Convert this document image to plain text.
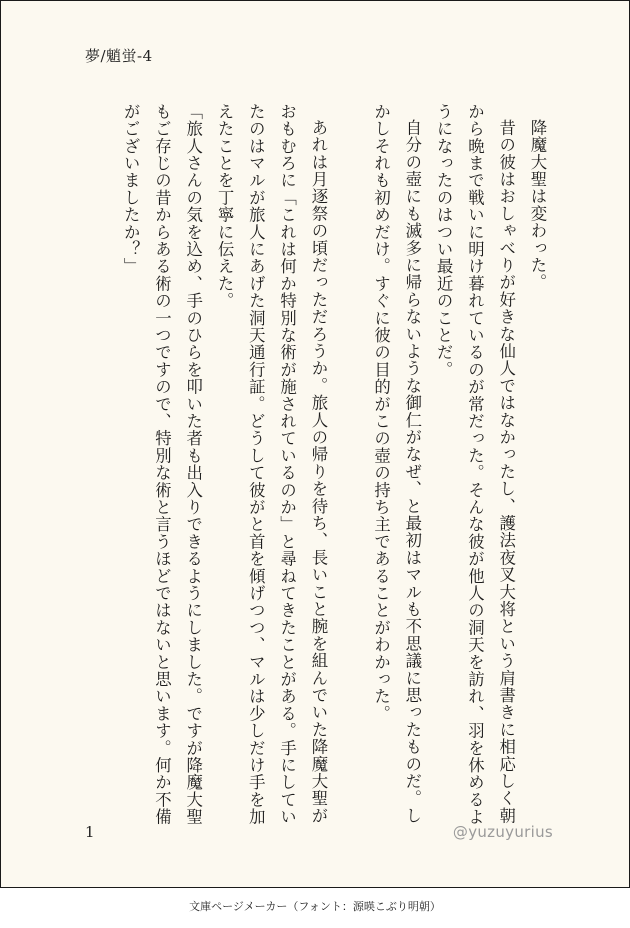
夢/魈蛍-4

降魔大聖は変わった。

昔の彼はおしゃべりが好きな仙人ではなかったし、護法夜叉大将という肩書きに相応しく朝から晩まで戦いに明け暮れているのが常だった。そんな彼が他人の洞天を訪れ、羽を休めるようになったのはつい最近のことだ。

自分の壺にも滅多に帰らないような御仁がなぜ、と最初はマルも不思議に思ったものだ。しかしそれも初めだけ。すぐに彼の目的がこの壺の持ち主であることがわかった。

あれは月逐祭の頃だっただろうか。旅人の帰りを待ち、長いこと腕を組んでいた降魔大聖がおもむろに「これは何か特別な術が施されているのか」と尋ねてきたことがある。手にしていたのはマルが旅人にあげた洞天通行証。どうして彼がと首を傾げつつ、マルは少しだけ手を加えたことを丁寧に伝えた。

「旅人さんの気を込め、手のひらを叩いた者も出入りできるようにしました。ですが降魔大聖もご存じの昔からある術の一つですので、特別な術と言うほどではないと思います。何か不備がございましたか？」

1	@yuzuyurius
文庫ページメーカー（フォント：源暎こぶり明朝）
